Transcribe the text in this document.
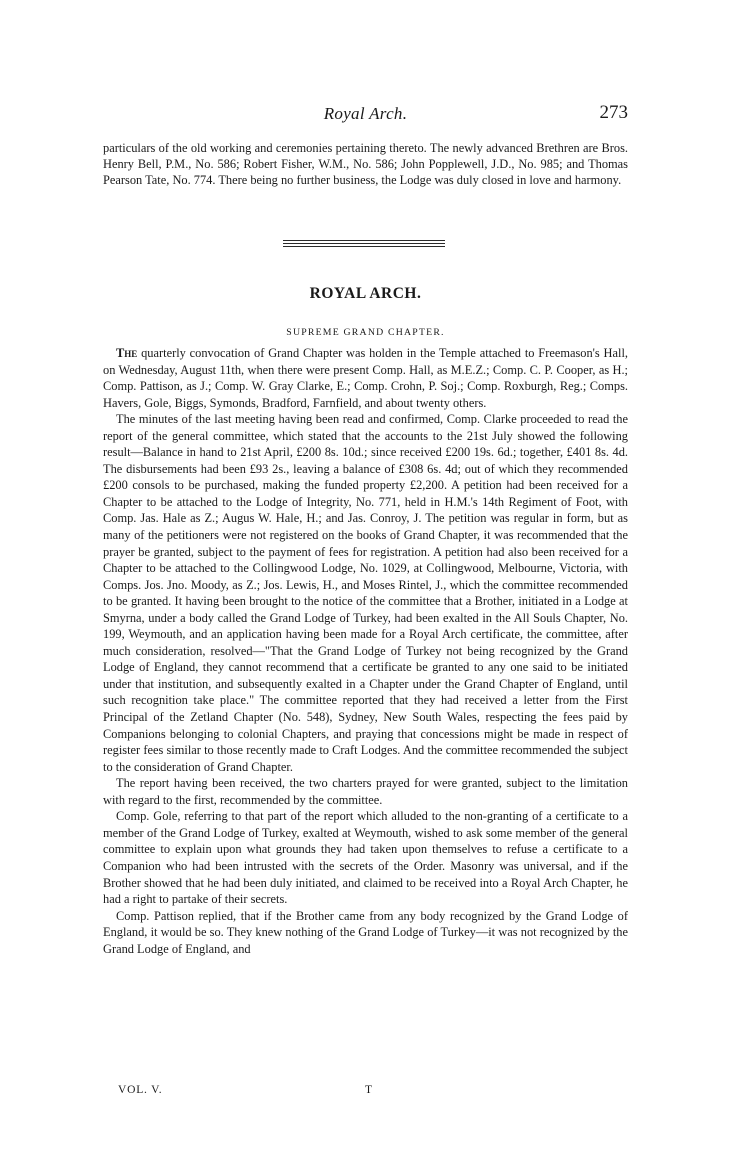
Royal Arch.	273

particulars of the old working and ceremonies pertaining thereto. The newly advanced Brethren are Bros. Henry Bell, P.M., No. 586; Robert Fisher, W.M., No. 586; John Popplewell, J.D., No. 985; and Thomas Pearson Tate, No. 774. There being no further business, the Lodge was duly closed in love and harmony.

ROYAL ARCH.
SUPREME GRAND CHAPTER.

The quarterly convocation of Grand Chapter was holden in the Temple attached to Freemason's Hall, on Wednesday, August 11th, when there were present Comp. Hall, as M.E.Z.; Comp. C. P. Cooper, as H.; Comp. Pattison, as J.; Comp. W. Gray Clarke, E.; Comp. Crohn, P. Soj.; Comp. Roxburgh, Reg.; Comps. Havers, Gole, Biggs, Symonds, Bradford, Farnfield, and about twenty others.

The minutes of the last meeting having been read and confirmed, Comp. Clarke proceeded to read the report of the general committee, which stated that the accounts to the 21st July showed the following result—Balance in hand to 21st April, £200 8s. 10d.; since received £200 19s. 6d.; together, £401 8s. 4d. The disbursements had been £93 2s., leaving a balance of £308 6s. 4d; out of which they recommended £200 consols to be purchased, making the funded property £2,200. A petition had been received for a Chapter to be attached to the Lodge of Integrity, No. 771, held in H.M.'s 14th Regiment of Foot, with Comp. Jas. Hale as Z.; Augus W. Hale, H.; and Jas. Conroy, J. The petition was regular in form, but as many of the petitioners were not registered on the books of Grand Chapter, it was recommended that the prayer be granted, subject to the payment of fees for registration. A petition had also been received for a Chapter to be attached to the Collingwood Lodge, No. 1029, at Collingwood, Melbourne, Victoria, with Comps. Jos. Jno. Moody, as Z.; Jos. Lewis, H., and Moses Rintel, J., which the committee recommended to be granted. It having been brought to the notice of the committee that a Brother, initiated in a Lodge at Smyrna, under a body called the Grand Lodge of Turkey, had been exalted in the All Souls Chapter, No. 199, Weymouth, and an application having been made for a Royal Arch certificate, the committee, after much consideration, resolved—"That the Grand Lodge of Turkey not being recognized by the Grand Lodge of England, they cannot recommend that a certificate be granted to any one said to be initiated under that institution, and subsequently exalted in a Chapter under the Grand Chapter of England, until such recognition take place." The committee reported that they had received a letter from the First Principal of the Zetland Chapter (No. 548), Sydney, New South Wales, respecting the fees paid by Companions belonging to colonial Chapters, and praying that concessions might be made in respect of register fees similar to those recently made to Craft Lodges. And the committee recommended the subject to the consideration of Grand Chapter.

The report having been received, the two charters prayed for were granted, subject to the limitation with regard to the first, recommended by the committee.

Comp. Gole, referring to that part of the report which alluded to the non-granting of a certificate to a member of the Grand Lodge of Turkey, exalted at Weymouth, wished to ask some member of the general committee to explain upon what grounds they had taken upon themselves to refuse a certificate to a Companion who had been intrusted with the secrets of the Order. Masonry was universal, and if the Brother showed that he had been duly initiated, and claimed to be received into a Royal Arch Chapter, he had a right to partake of their secrets.

Comp. Pattison replied, that if the Brother came from any body recognized by the Grand Lodge of England, it would be so. They knew nothing of the Grand Lodge of Turkey—it was not recognized by the Grand Lodge of England, and

VOL. V.	T
